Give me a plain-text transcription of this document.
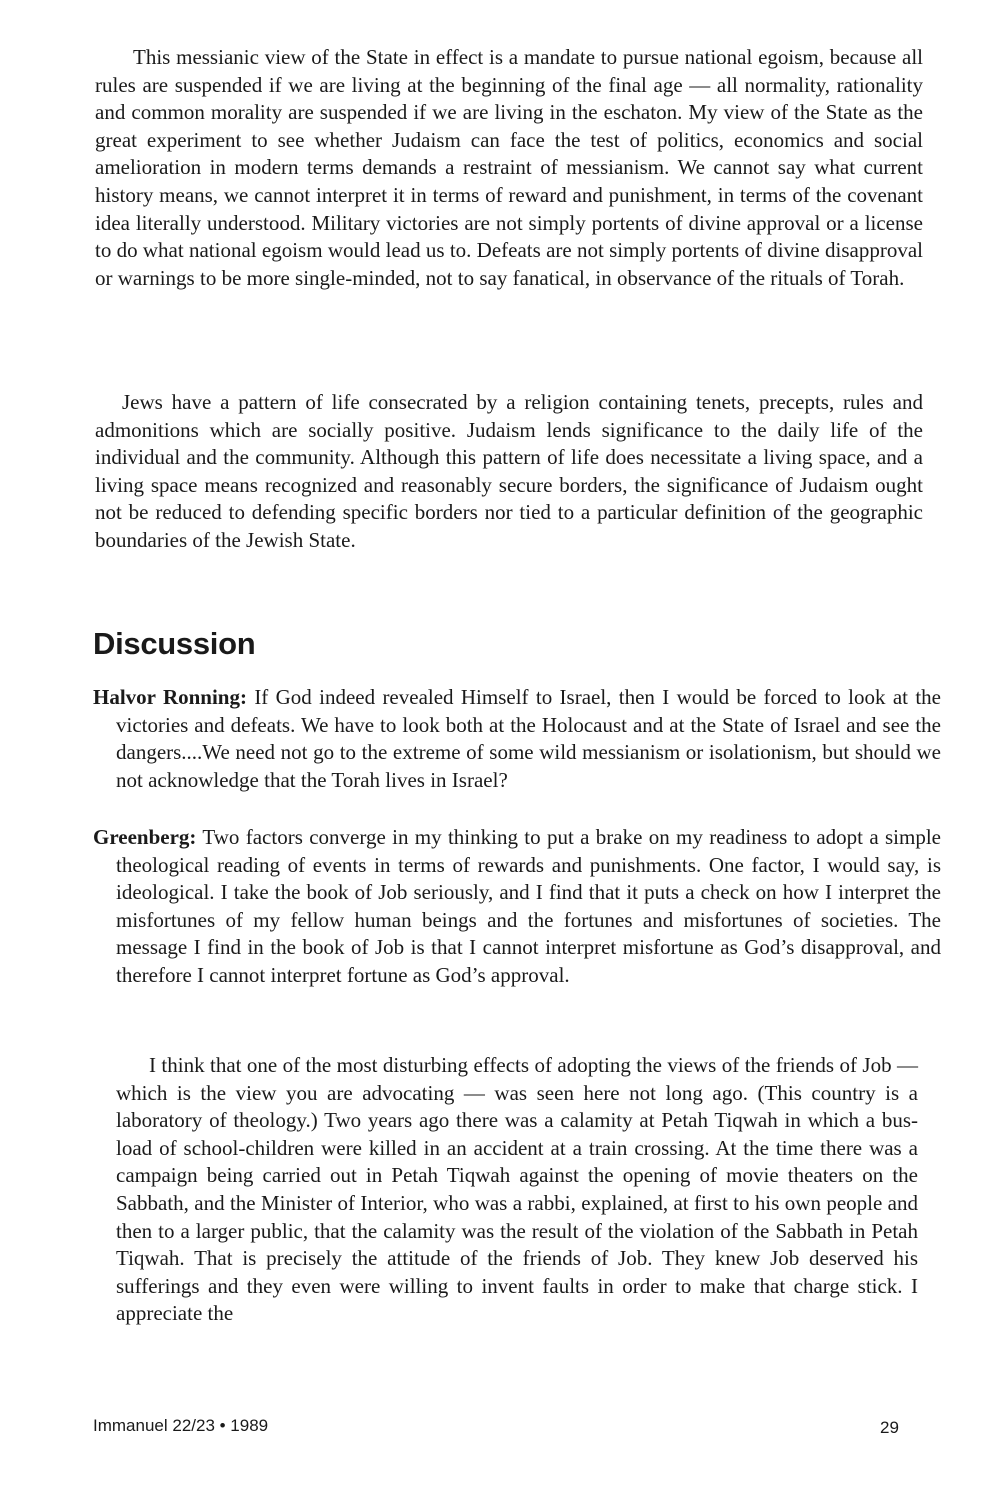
This messianic view of the State in effect is a mandate to pursue national egoism, because all rules are suspended if we are living at the beginning of the final age — all normality, rationality and common morality are suspended if we are living in the eschaton. My view of the State as the great experiment to see whether Judaism can face the test of politics, economics and social amelioration in modern terms demands a restraint of messianism. We cannot say what current history means, we cannot interpret it in terms of reward and punishment, in terms of the covenant idea literally understood. Military victories are not simply portents of divine approval or a license to do what national egoism would lead us to. Defeats are not simply portents of divine disapproval or warnings to be more single-minded, not to say fanatical, in observance of the rituals of Torah.

Jews have a pattern of life consecrated by a religion containing tenets, precepts, rules and admonitions which are socially positive. Judaism lends significance to the daily life of the individual and the community. Although this pattern of life does necessitate a living space, and a living space means recognized and reasonably secure borders, the significance of Judaism ought not be reduced to defending specific borders nor tied to a particular definition of the geographic boundaries of the Jewish State.

Discussion

Halvor Ronning: If God indeed revealed Himself to Israel, then I would be forced to look at the victories and defeats. We have to look both at the Holocaust and at the State of Israel and see the dangers....We need not go to the extreme of some wild messianism or isolationism, but should we not acknowledge that the Torah lives in Israel?

Greenberg: Two factors converge in my thinking to put a brake on my readiness to adopt a simple theological reading of events in terms of rewards and punishments. One factor, I would say, is ideological. I take the book of Job seriously, and I find that it puts a check on how I interpret the misfortunes of my fellow human beings and the fortunes and misfortunes of societies. The message I find in the book of Job is that I cannot interpret misfortune as God’s disapproval, and therefore I cannot interpret fortune as God’s approval.

I think that one of the most disturbing effects of adopting the views of the friends of Job — which is the view you are advocating — was seen here not long ago. (This country is a laboratory of theology.) Two years ago there was a calamity at Petah Tiqwah in which a bus-load of school-children were killed in an accident at a train crossing. At the time there was a campaign being carried out in Petah Tiqwah against the opening of movie theaters on the Sabbath, and the Minister of Interior, who was a rabbi, explained, at first to his own people and then to a larger public, that the calamity was the result of the violation of the Sabbath in Petah Tiqwah. That is precisely the attitude of the friends of Job. They knew Job deserved his sufferings and they even were willing to invent faults in order to make that charge stick. I appreciate the

Immanuel 22/23 • 1989	29
